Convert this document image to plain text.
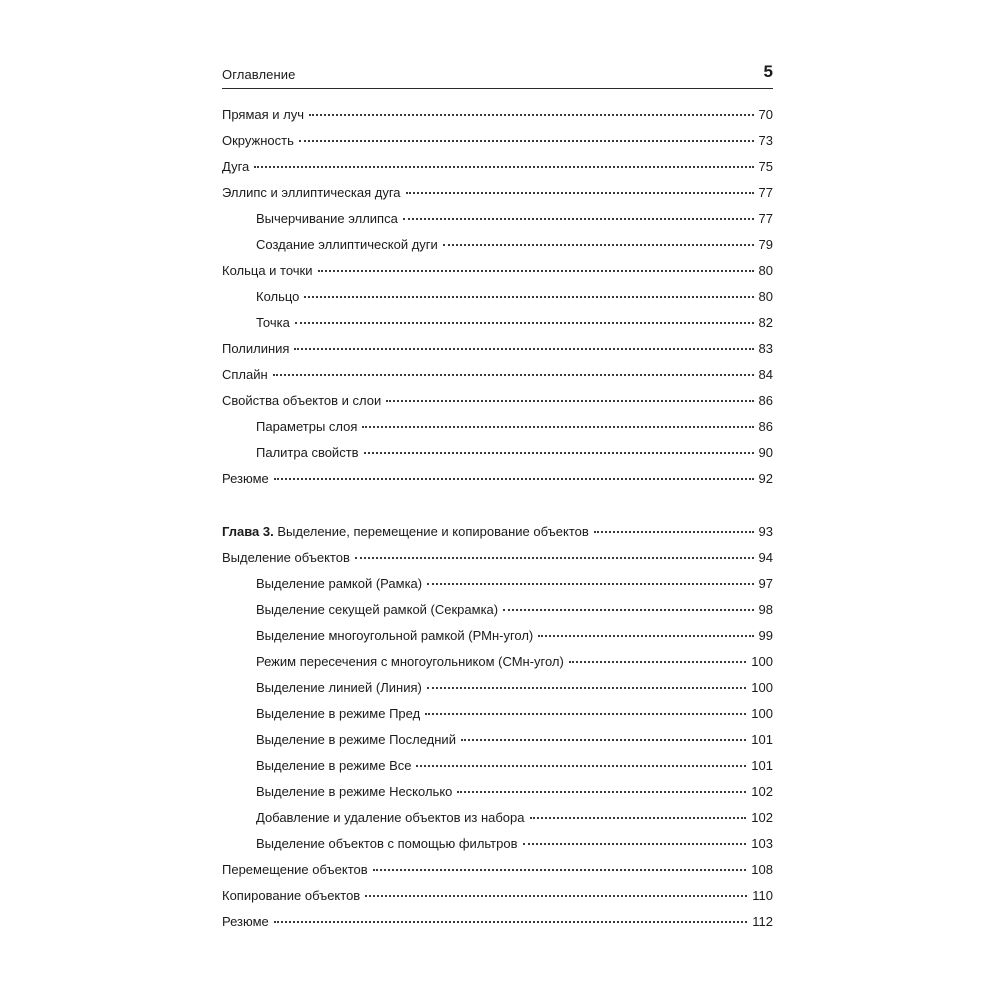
Оглавление	5
Прямая и луч	70
Окружность	73
Дуга	75
Эллипс и эллиптическая дуга	77
Вычерчивание эллипса	77
Создание эллиптической дуги	79
Кольца и точки	80
Кольцо	80
Точка	82
Полилиния	83
Сплайн	84
Свойства объектов и слои	86
Параметры слоя	86
Палитра свойств	90
Резюме	92
Глава 3. Выделение, перемещение и копирование объектов	93
Выделение объектов	94
Выделение рамкой (Рамка)	97
Выделение секущей рамкой (Секрамка)	98
Выделение многоугольной рамкой (РМн-угол)	99
Режим пересечения с многоугольником (СМн-угол)	100
Выделение линией (Линия)	100
Выделение в режиме Пред	100
Выделение в режиме Последний	101
Выделение в режиме Все	101
Выделение в режиме Несколько	102
Добавление и удаление объектов из набора	102
Выделение объектов с помощью фильтров	103
Перемещение объектов	108
Копирование объектов	110
Резюме	112
